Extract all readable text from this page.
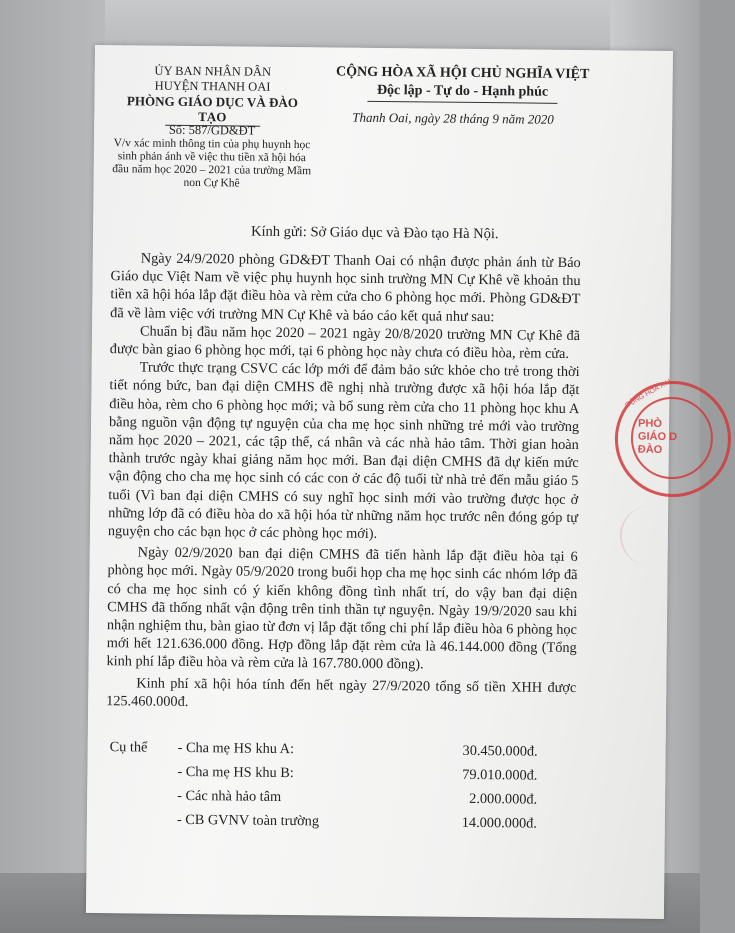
ỦY BAN NHÂN DÂN
HUYỆN THANH OAI
PHÒNG GIÁO DỤC VÀ ĐÀO TẠO
CỘNG HÒA XÃ HỘI CHỦ NGHĨA VIỆT
Độc lập - Tự do - Hạnh phúc
Thanh Oai, ngày 28 tháng 9 năm 2020
Số: 587/GD&ĐT
V/v xác minh thông tin của phụ huynh học sinh phản ánh về việc thu tiền xã hội hóa đầu năm học 2020 – 2021 của trường Mầm non Cự Khê
Kính gửi: Sở Giáo dục và Đào tạo Hà Nội.

Ngày 24/9/2020 phòng GD&ĐT Thanh Oai có nhận được phản ánh từ Báo Giáo dục Việt Nam về việc phụ huynh học sinh trường MN Cự Khê về khoản thu tiền xã hội hóa lắp đặt điều hòa và rèm cửa cho 6 phòng học mới. Phòng GD&ĐT đã về làm việc với trường MN Cự Khê và báo cáo kết quả như sau:

Chuẩn bị đầu năm học 2020 – 2021 ngày 20/8/2020 trường MN Cự Khê đã được bàn giao 6 phòng học mới, tại 6 phòng học này chưa có điều hòa, rèm cửa.

Trước thực trạng CSVC các lớp mới để đảm bảo sức khỏe cho trẻ trong thời tiết nóng bức, ban đại diện CMHS đề nghị nhà trường được xã hội hóa lắp đặt điều hòa, rèm cho 6 phòng học mới; và bổ sung rèm cửa cho 11 phòng học khu A bằng nguồn vận động tự nguyện của cha mẹ học sinh những trẻ mới vào trường năm học 2020 – 2021, các tập thể, cá nhân và các nhà hảo tâm. Thời gian hoàn thành trước ngày khai giảng năm học mới. Ban đại diện CMHS đã dự kiến mức vận động cho cha mẹ học sinh có các con ở các độ tuổi từ nhà trẻ đến mẫu giáo 5 tuổi (Vì ban đại diện CMHS có suy nghĩ học sinh mới vào trường được học ở những lớp đã có điều hòa do xã hội hóa từ những năm học trước nên đóng góp tự nguyện cho các bạn học ở các phòng học mới).

Ngày 02/9/2020 ban đại diện CMHS đã tiến hành lắp đặt điều hòa tại 6 phòng học mới. Ngày 05/9/2020 trong buổi họp cha mẹ học sinh các nhóm lớp đã có cha mẹ học sinh có ý kiến không đồng tình nhất trí, do vậy ban đại diện CMHS đã thống nhất vận động trên tinh thần tự nguyện. Ngày 19/9/2020 sau khi nhận nghiệm thu, bàn giao từ đơn vị lắp đặt tổng chi phí lắp điều hòa 6 phòng học mới hết 121.636.000 đồng. Hợp đồng lắp đặt rèm cửa là 46.144.000 đồng (Tổng kinh phí lắp điều hòa và rèm cửa là 167.780.000 đồng).

Kinh phí xã hội hóa tính đến hết ngày 27/9/2020 tổng số tiền XHH được 125.460.000đ.

Cụ thể - Cha mẹ HS khu A:	30.450.000đ.
- Cha mẹ HS khu B:	79.010.000đ.
- Các nhà hảo tâm	2.000.000đ.
- CB GVNV toàn trường	14.000.000đ.
CỘNG HÒA X.H.
PHÒ
GIÁO D
ĐÀO
